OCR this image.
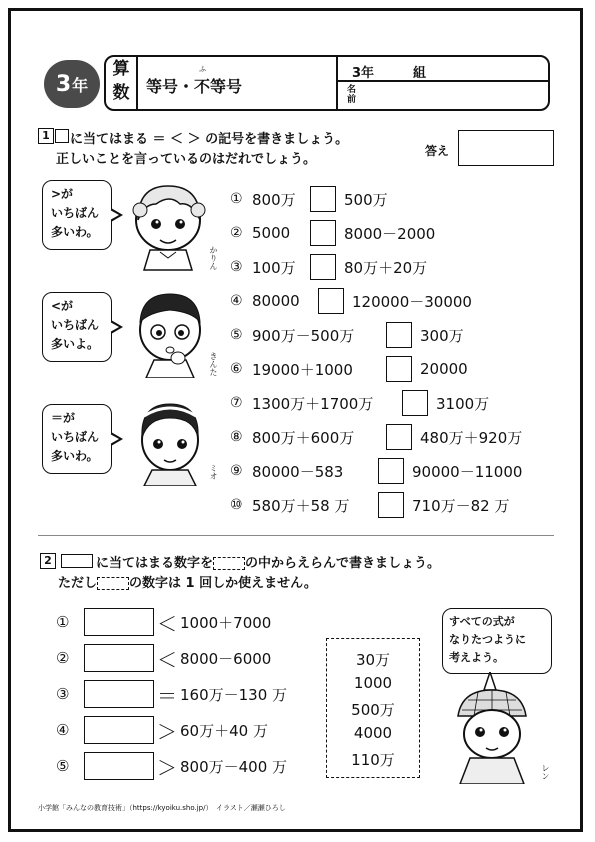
3 年
算
数
ふ
等号・不等号
3年　　　組
名前
1	に当てはまる ＝ ＜ ＞ の記号を書きましょう。
正しいことを言っているのはだれでしょう。
答え
>が
いちばん
多いわ。
かりん
<が
いちばん
多いよ。
きんた
＝が
いちばん
多いわ。
ミオ
① 800万	500万
② 5000	8000－2000
③ 100万	80万＋20万
④ 80000	120000－30000
⑤ 900万－500万	300万
⑥ 19000＋1000	20000
⑦ 1300万＋1700万	3100万
⑧ 800万＋600万	480万＋920万
⑨ 80000－583	90000－11000
⑩ 580万＋58 万	710万－82 万
2	に当てはまる数字を の中からえらんで書きましょう。
ただし の数字は 1 回しか使えません。
①	＜ 1000＋7000
②	＜ 8000－6000
③	＝ 160万－130 万
④	＞ 60万＋40 万
⑤	＞ 800万－400 万
30万
1000
500万
4000
110万
すべての式が
なりたつように
考えよう。
レン
小学館「みんなの教育技術」（https://kyoiku.sho.jp/）　イラスト／瀬瀬ひろし
